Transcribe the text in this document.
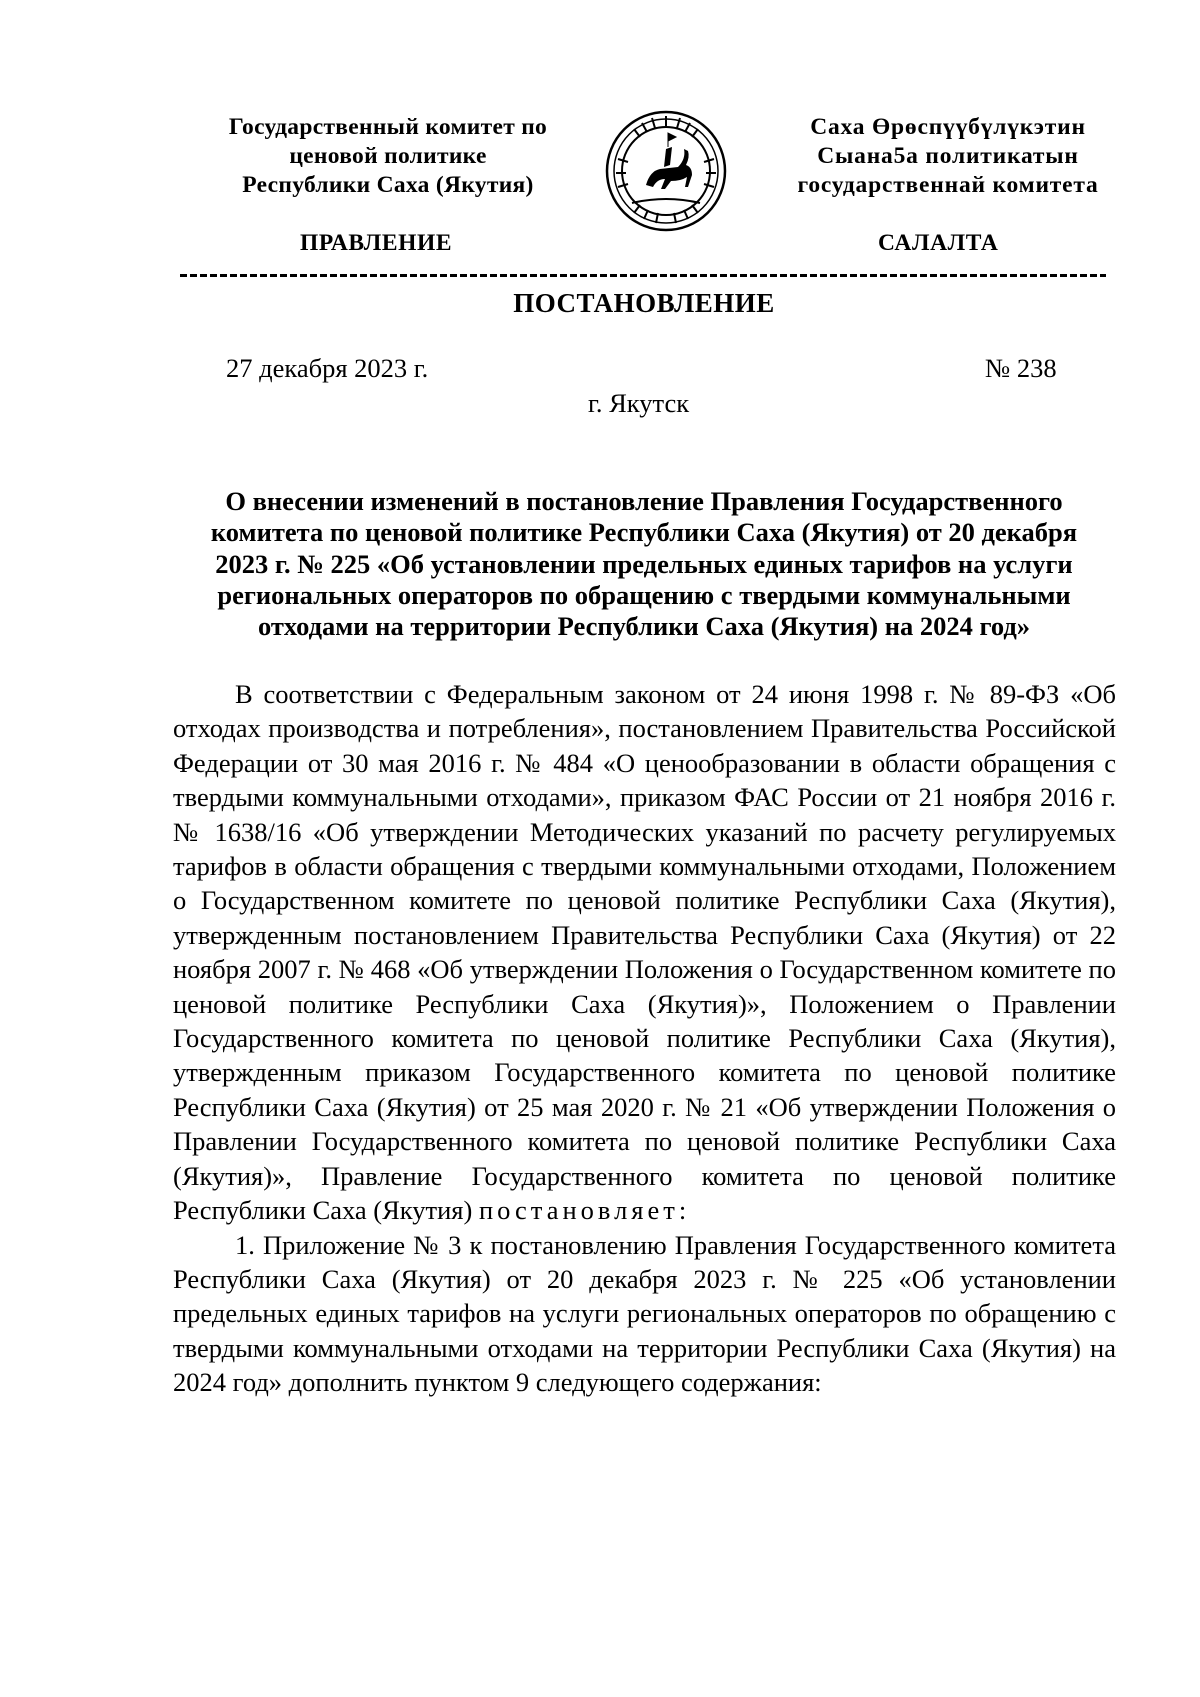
Государственный комитет по
ценовой политике
Республики Саха (Якутия)
Саха Өрөспүүбүлүкэтин
Сыана5а политикатын
государственнай комитета
ПРАВЛЕНИЕ	САЛАЛТА
ПОСТАНОВЛЕНИЕ
27 декабря 2023 г.	№ 238
г. Якутск
О внесении изменений в постановление Правления Государственного
комитета по ценовой политике Республики Саха (Якутия) от 20 декабря
2023 г. № 225 «Об установлении предельных единых тарифов на услуги
региональных операторов по обращению с твердыми коммунальными
отходами на территории Республики Саха (Якутия) на 2024 год»

В соответствии с Федеральным законом от 24 июня 1998 г. № 89-ФЗ «Об отходах производства и потребления», постановлением Правительства Российской Федерации от 30 мая 2016 г. № 484 «О ценообразовании в области обращения с твердыми коммунальными отходами», приказом ФАС России от 21 ноября 2016 г. № 1638/16 «Об утверждении Методических указаний по расчету регулируемых тарифов в области обращения с твердыми коммунальными отходами, Положением о Государственном комитете по ценовой политике Республики Саха (Якутия), утвержденным постановлением Правительства Республики Саха (Якутия) от 22 ноября 2007 г. № 468 «Об утверждении Положения о Государственном комитете по ценовой политике Республики Саха (Якутия)», Положением о Правлении Государственного комитета по ценовой политике Республики Саха (Якутия), утвержденным приказом Государственного комитета по ценовой политике Республики Саха (Якутия) от 25 мая 2020 г. № 21 «Об утверждении Положения о Правлении Государственного комитета по ценовой политике Республики Саха (Якутия)», Правление Государственного комитета по ценовой политике Республики Саха (Якутия) постановляет:

1. Приложение № 3 к постановлению Правления Государственного комитета Республики Саха (Якутия) от 20 декабря 2023 г. № 225 «Об установлении предельных единых тарифов на услуги региональных операторов по обращению с твердыми коммунальными отходами на территории Республики Саха (Якутия) на 2024 год» дополнить пунктом 9 следующего содержания:
